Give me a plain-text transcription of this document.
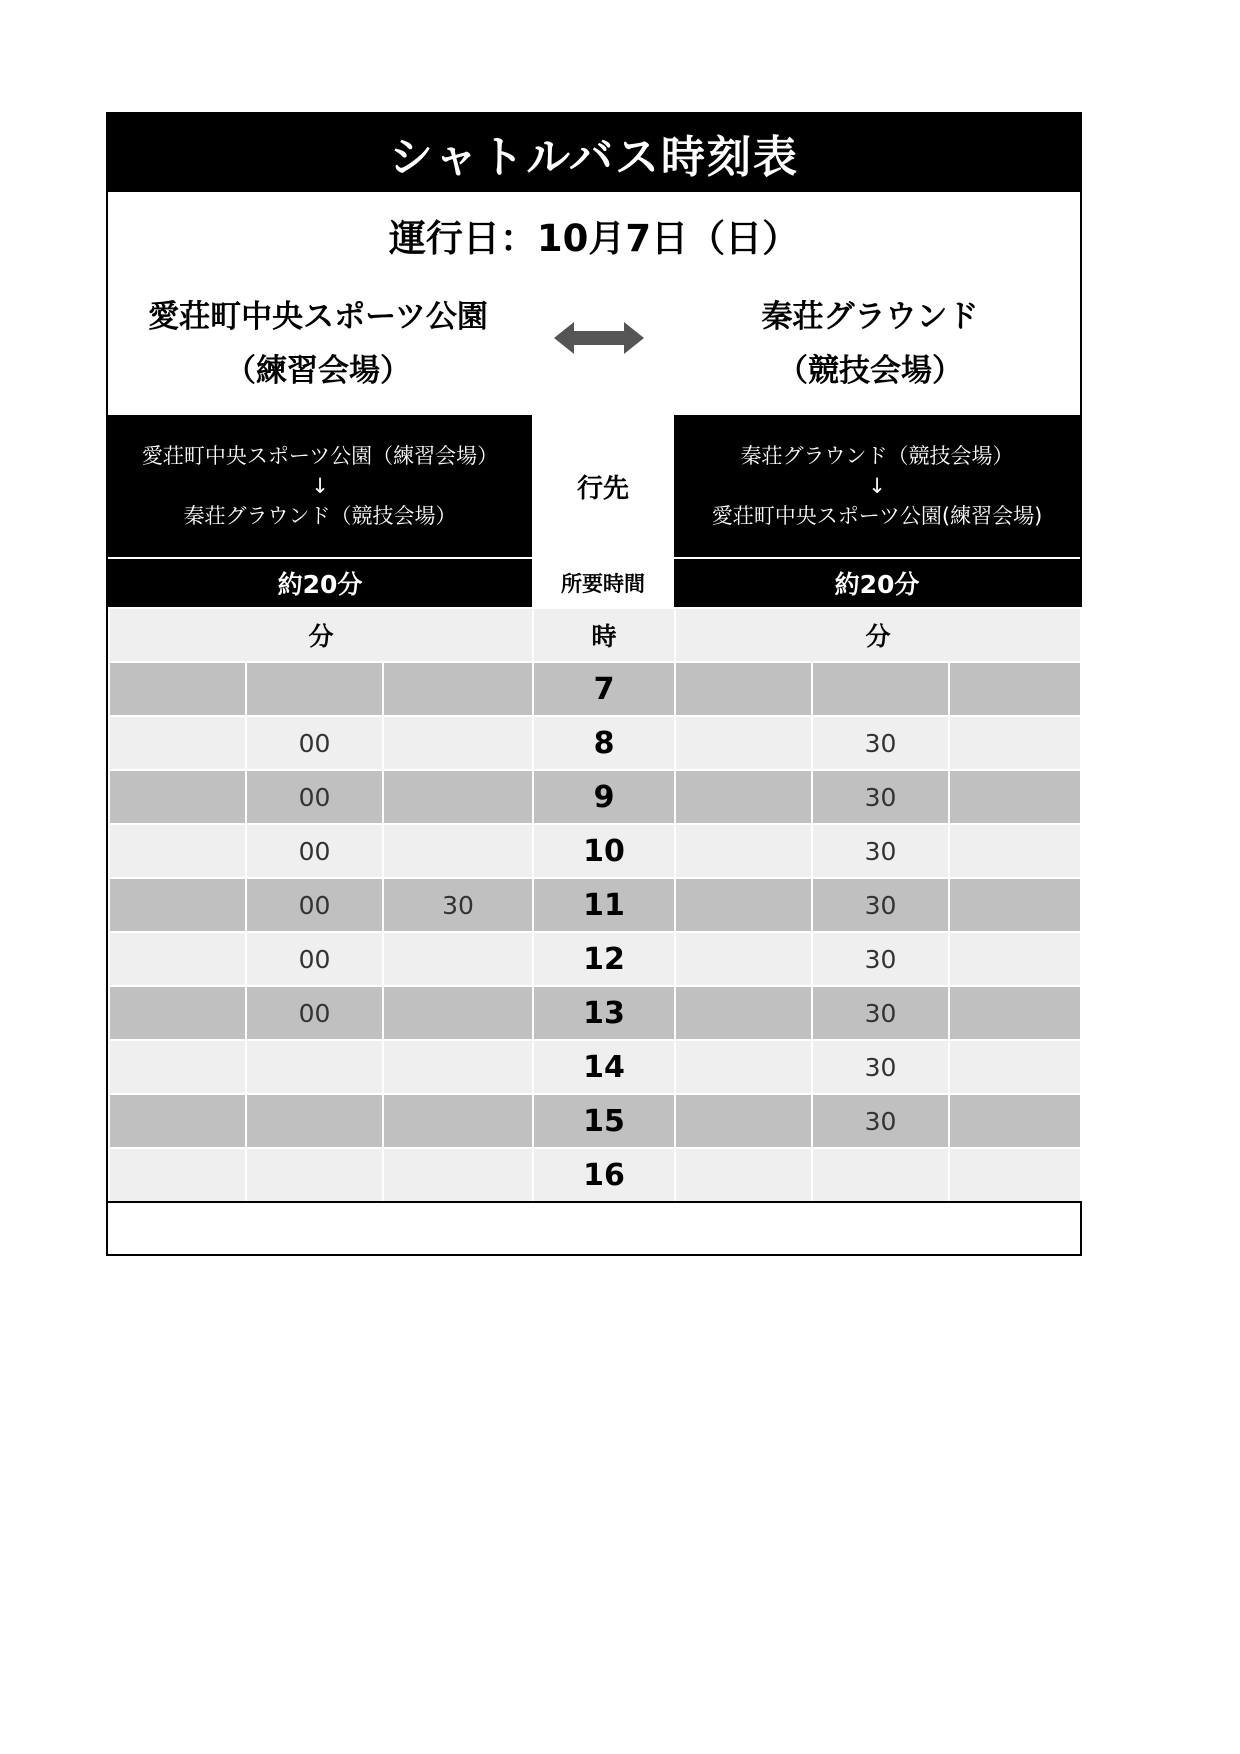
シャトルバス時刻表
運行日：10月7日（日）
愛荘町中央スポーツ公園
（練習会場）
秦荘グラウンド
（競技会場）
愛荘町中央スポーツ公園（練習会場）
↓
秦荘グラウンド（競技会場）
行先
秦荘グラウンド（競技会場）
↓
愛荘町中央スポーツ公園(練習会場)
約20分	所要時間	約20分
分			時	分		
			7			
	00		8		30	
	00		9		30	
	00		10		30	
	00	30	11		30	
	00		12		30	
	00		13		30	
			14		30	
			15		30	
			16			
